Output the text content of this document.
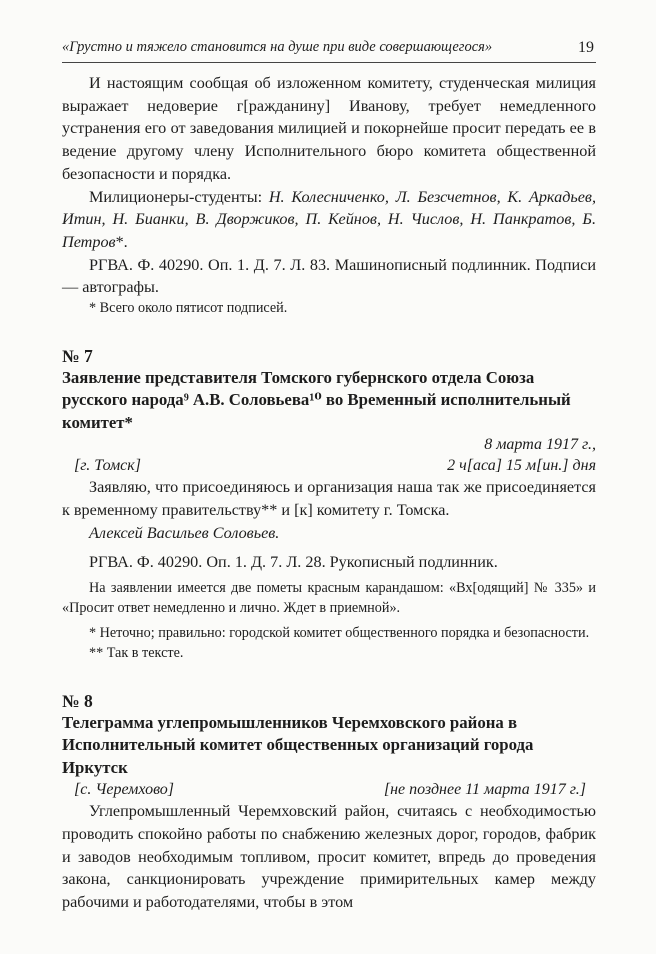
«Грустно и тяжело становится на душе при виде совершающегося»	19

И настоящим сообщая об изложенном комитету, студенческая милиция выражает недоверие г[ражданину] Иванову, требует немедленного устранения его от заведования милицией и покорнейше просит передать ее в ведение другому члену Исполнительного бюро комитета общественной безопасности и порядка.

Милиционеры-студенты: Н. Колесниченко, Л. Безсчетнов, К. Аркадьев, Итин, Н. Бианки, В. Дворжиков, П. Кейнов, Н. Числов, Н. Панкратов, Б. Петров*.

РГВА. Ф. 40290. Оп. 1. Д. 7. Л. 83. Машинописный подлинник. Подписи — автографы.

* Всего около пятисот подписей.

№ 7

Заявление представителя Томского губернского отдела Союза русского народа⁹ А.В. Соловьева¹⁰ во Временный исполнительный комитет*

8 марта 1917 г.,
[г. Томск]	2 ч[аса] 15 м[ин.] дня

Заявляю, что присоединяюсь и организация наша так же присоединяется к временному правительству** и [к] комитету г. Томска.

Алексей Васильев Соловьев.

РГВА. Ф. 40290. Оп. 1. Д. 7. Л. 28. Рукописный подлинник.

На заявлении имеется две пометы красным карандашом: «Вх[одящий] № 335» и «Просит ответ немедленно и лично. Ждет в приемной».

* Неточно; правильно: городской комитет общественного порядка и безопасности.

** Так в тексте.

№ 8

Телеграмма углепромышленников Черемховского района в Исполнительный комитет общественных организаций города Иркутск

[с. Черемхово]	[не позднее 11 марта 1917 г.]

Углепромышленный Черемховский район, считаясь с необходимостью проводить спокойно работы по снабжению железных дорог, городов, фабрик и заводов необходимым топливом, просит комитет, впредь до проведения закона, санкционировать учреждение примирительных камер между рабочими и работодателями, чтобы в этом
